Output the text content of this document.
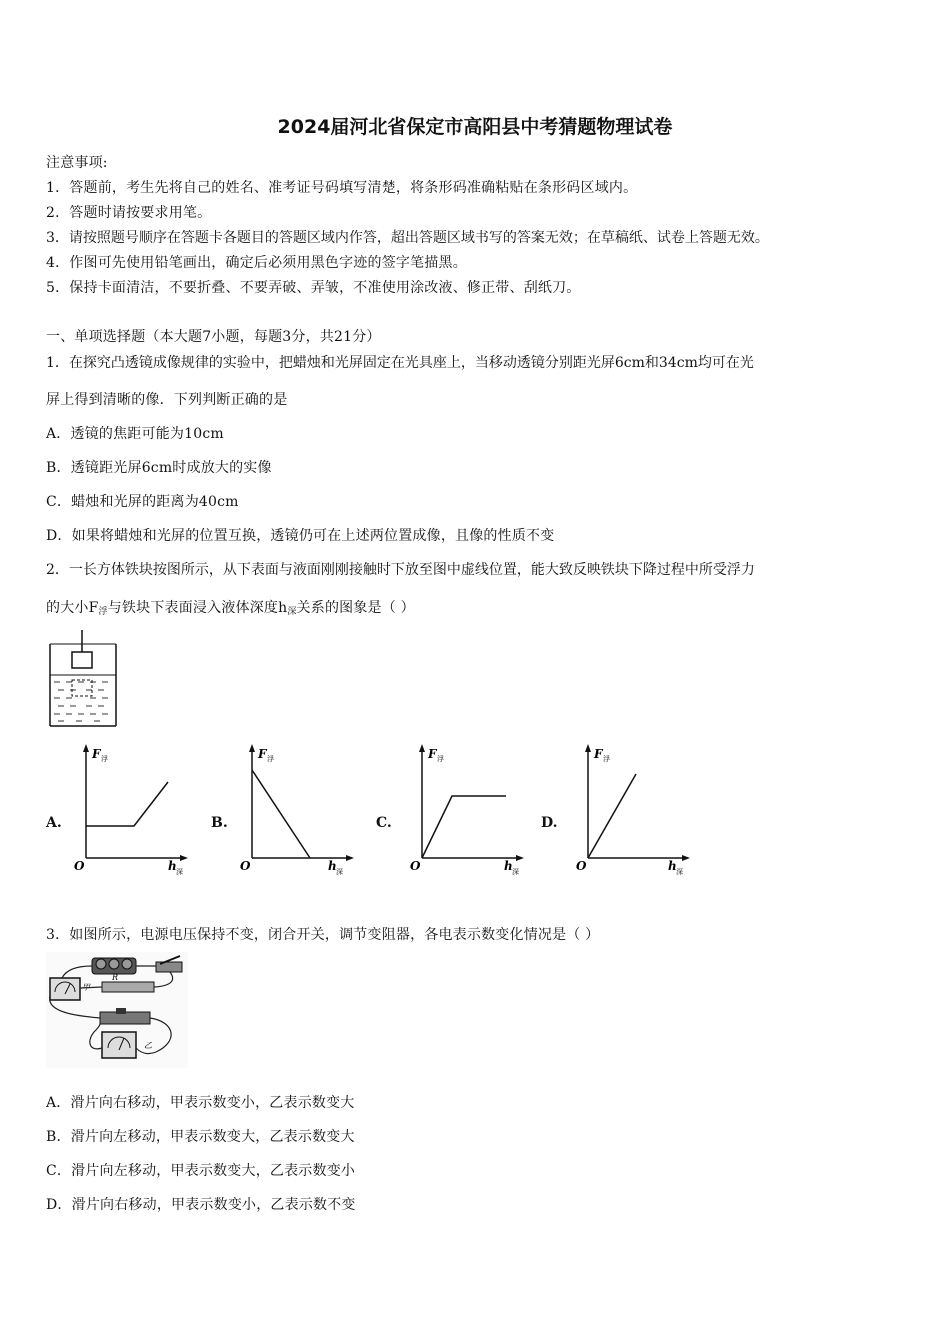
2024届河北省保定市高阳县中考猜题物理试卷
注意事项:
1．答题前，考生先将自己的姓名、准考证号码填写清楚，将条形码准确粘贴在条形码区域内。
2．答题时请按要求用笔。
3．请按照题号顺序在答题卡各题目的答题区域内作答，超出答题区域书写的答案无效；在草稿纸、试卷上答题无效。
4．作图可先使用铅笔画出，确定后必须用黑色字迹的签字笔描黑。
5．保持卡面清洁，不要折叠、不要弄破、弄皱，不准使用涂改液、修正带、刮纸刀。
一、单项选择题（本大题7小题，每题3分，共21分）
1．在探究凸透镜成像规律的实验中，把蜡烛和光屏固定在光具座上，当移动透镜分别距光屏6cm和34cm均可在光
屏上得到清晰的像．下列判断正确的是
A．透镜的焦距可能为10cm
B．透镜距光屏6cm时成放大的实像
C．蜡烛和光屏的距离为40cm
D．如果将蜡烛和光屏的位置互换，透镜仍可在上述两位置成像，且像的性质不变
2．一长方体铁块按图所示，从下表面与液面刚刚接触时下放至图中虚线位置，能大致反映铁块下降过程中所受浮力
的大小$F_浮$与铁块下表面浸入液体深度$h_深$关系的图象是（ ）
A.	B.	C.	D.
F 浮
O	h 深
F 浮
O	h 深
F 浮
O	h 深
F 浮
O	h 深
3．如图所示，电源电压保持不变，闭合开关，调节变阻器，各电表示数变化情况是（ ）
甲
R
乙
A．滑片向右移动，甲表示数变小，乙表示数变大
B．滑片向左移动，甲表示数变大，乙表示数变大
C．滑片向左移动，甲表示数变大，乙表示数变小
D．滑片向右移动，甲表示数变小，乙表示数不变
